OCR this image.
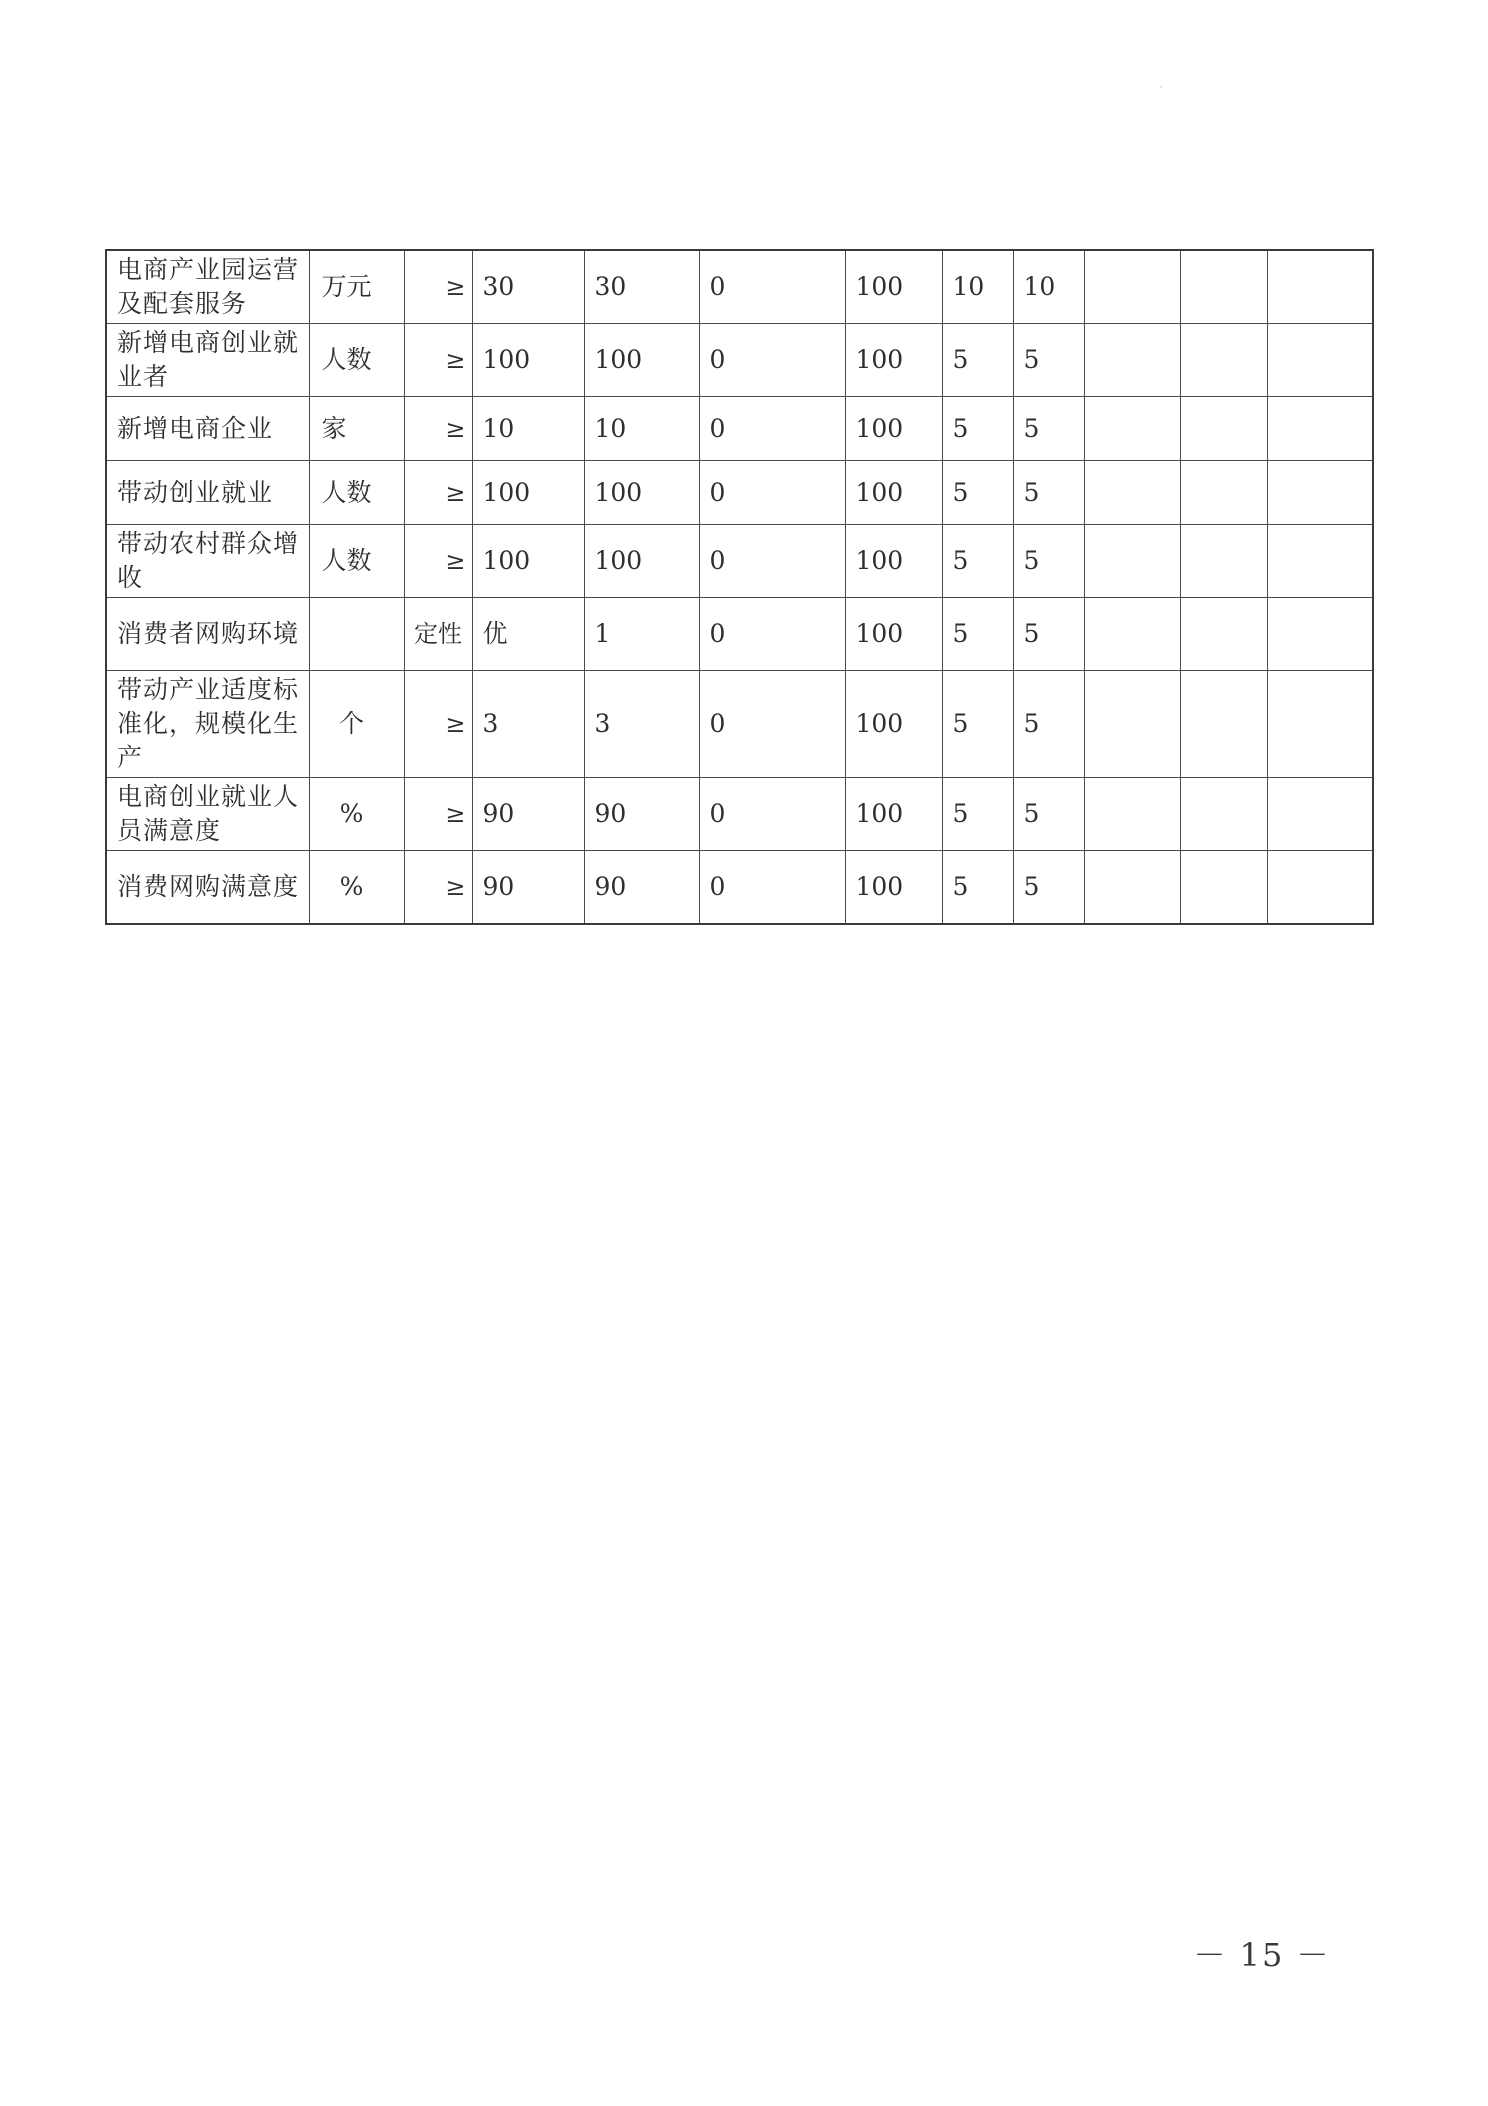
电商产业园运营及配套服务	万元	≥	30	30	0	100	10	10			
新增电商创业就业者	人数	≥	100	100	0	100	5	5			
新增电商企业	家	≥	10	10	0	100	5	5			
带动创业就业	人数	≥	100	100	0	100	5	5			
带动农村群众增收	人数	≥	100	100	0	100	5	5			
消费者网购环境		定性	优	1	0	100	5	5			
带动产业适度标准化，规模化生产	个	≥	3	3	0	100	5	5			
电商创业就业人员满意度	%	≥	90	90	0	100	5	5			
消费网购满意度	%	≥	90	90	0	100	5	5			
－ 15 －
